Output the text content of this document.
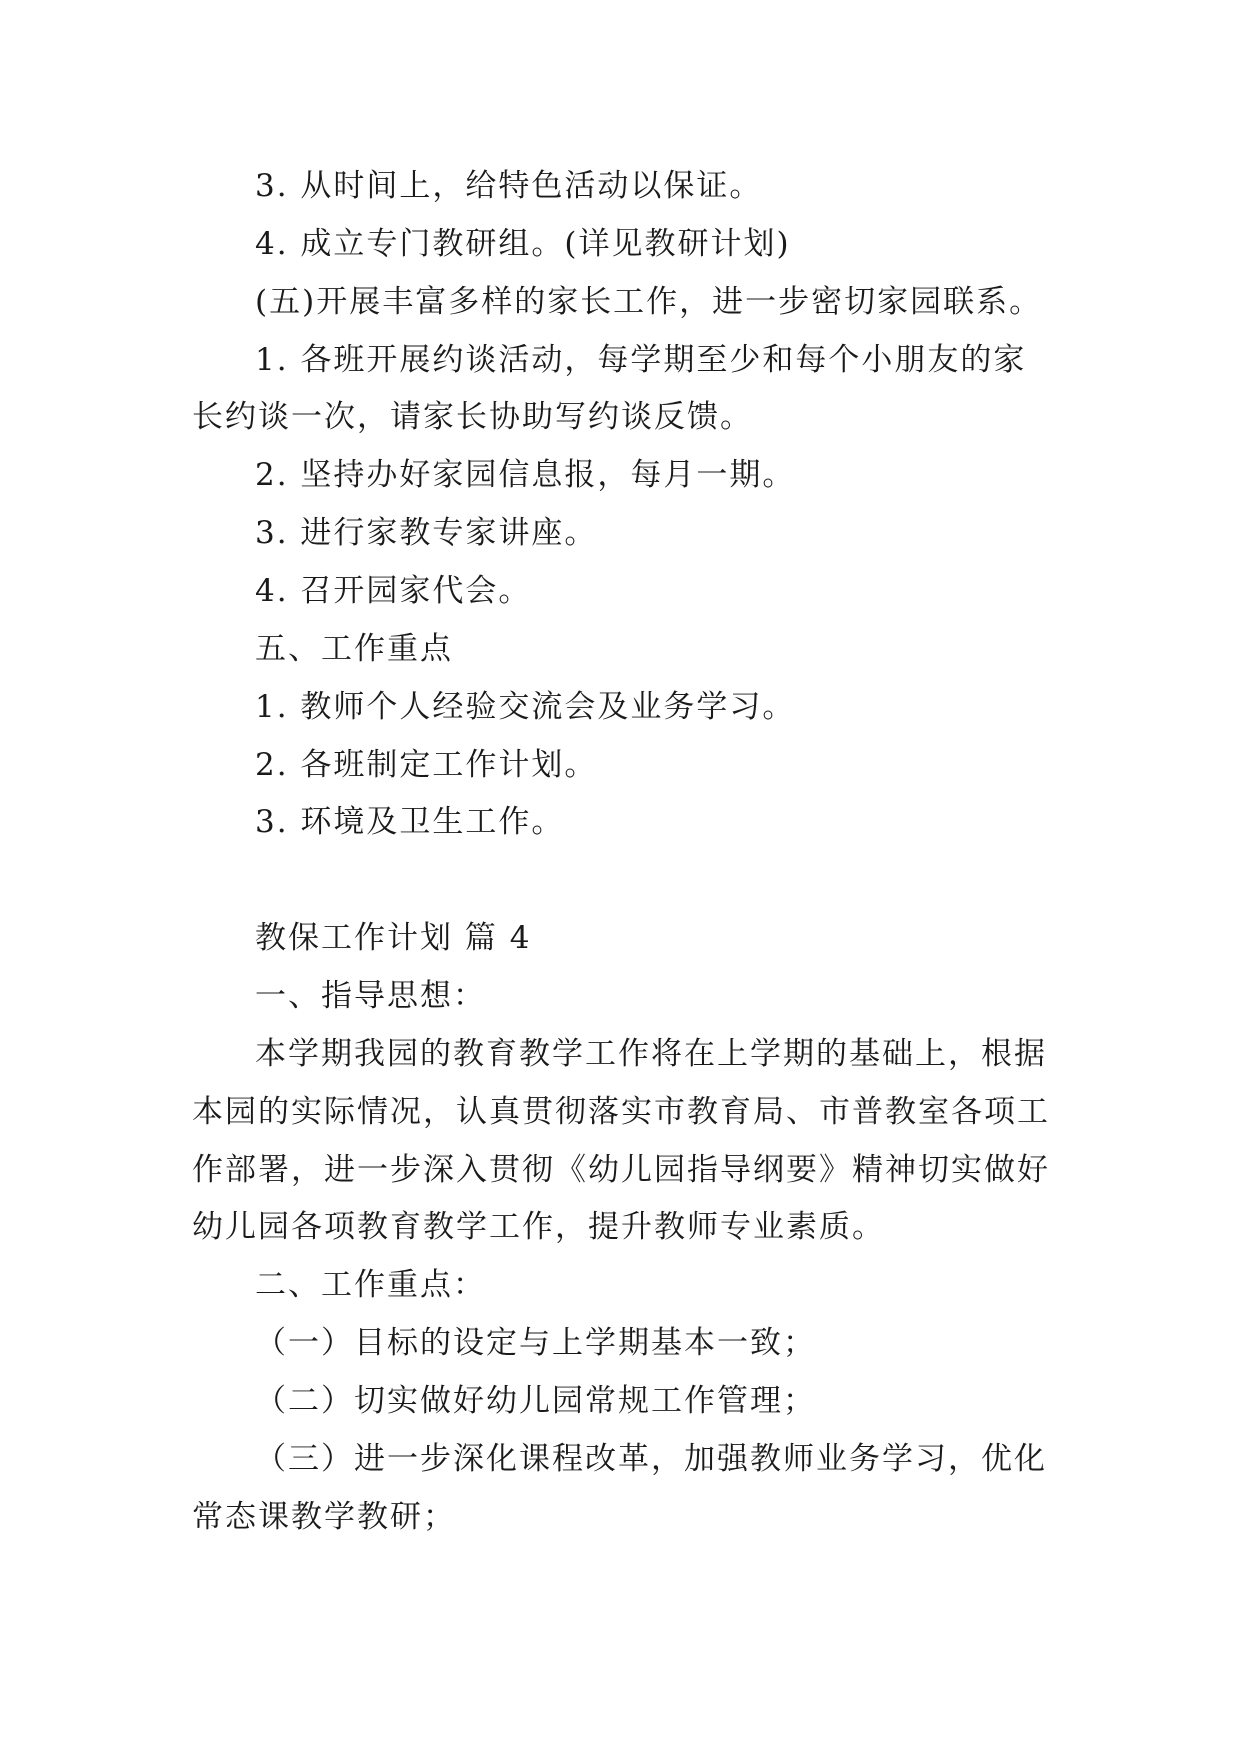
3. 从时间上，给特色活动以保证。
4. 成立专门教研组。(详见教研计划)
(五)开展丰富多样的家长工作，进一步密切家园联系。
1. 各班开展约谈活动，每学期至少和每个小朋友的家
长约谈一次，请家长协助写约谈反馈。
2. 坚持办好家园信息报，每月一期。
3. 进行家教专家讲座。
4. 召开园家代会。
五、工作重点
1. 教师个人经验交流会及业务学习。
2. 各班制定工作计划。
3. 环境及卫生工作。
教保工作计划 篇 4
一、指导思想：
本学期我园的教育教学工作将在上学期的基础上，根据
本园的实际情况，认真贯彻落实市教育局、市普教室各项工
作部署，进一步深入贯彻《幼儿园指导纲要》精神切实做好
幼儿园各项教育教学工作，提升教师专业素质。
二、工作重点：
（一）目标的设定与上学期基本一致；
（二）切实做好幼儿园常规工作管理；
（三）进一步深化课程改革，加强教师业务学习，优化
常态课教学教研；
